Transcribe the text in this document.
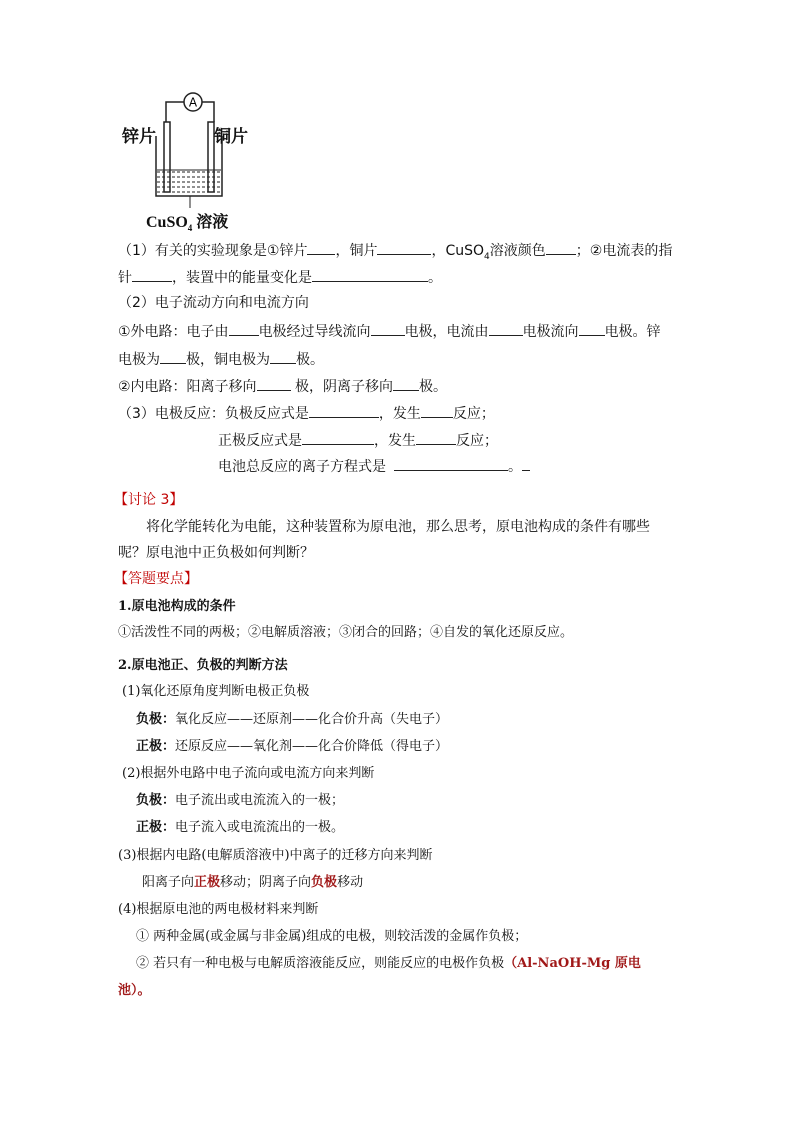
A
锌片	铜片
CuSO$_4$ 溶液
（1）有关的实验现象是①锌片 ，铜片	，CuSO$_4$溶液颜色 ；②电流表的指
针	，装置中的能量变化是	。
（2）电子流动方向和电流方向
①外电路：电子由 电极经过导线流向 电极，电流由 电极流向 电极。锌
电极为 极，铜电极为 极。
②内电路：阳离子移向 极，阴离子移向 极。
（3）电极反应：负极反应式是	，发生 反应；
正极反应式是	，发生	反应；
电池总反应的离子方程式是	。
【讨论 3】
将化学能转化为电能，这种装置称为原电池，那么思考，原电池构成的条件有哪些
呢？原电池中正负极如何判断？
【答题要点】
1.原电池构成的条件
①活泼性不同的两极；②电解质溶液；③闭合的回路；④自发的氧化还原反应。
2.原电池正、负极的判断方法
(1)氧化还原角度判断电极正负极
负极：氧化反应——还原剂——化合价升高（失电子）
正极：还原反应——氧化剂——化合价降低（得电子）
(2)根据外电路中电子流向或电流方向来判断
负极：电子流出或电流流入的一极；
正极：电子流入或电流流出的一极。
(3)根据内电路(电解质溶液中)中离子的迁移方向来判断
阳离子向正极移动；阴离子向负极移动
(4)根据原电池的两电极材料来判断
① 两种金属(或金属与非金属)组成的电极，则较活泼的金属作负极；
② 若只有一种电极与电解质溶液能反应，则能反应的电极作负极（Al-NaOH-Mg 原电
池）。
